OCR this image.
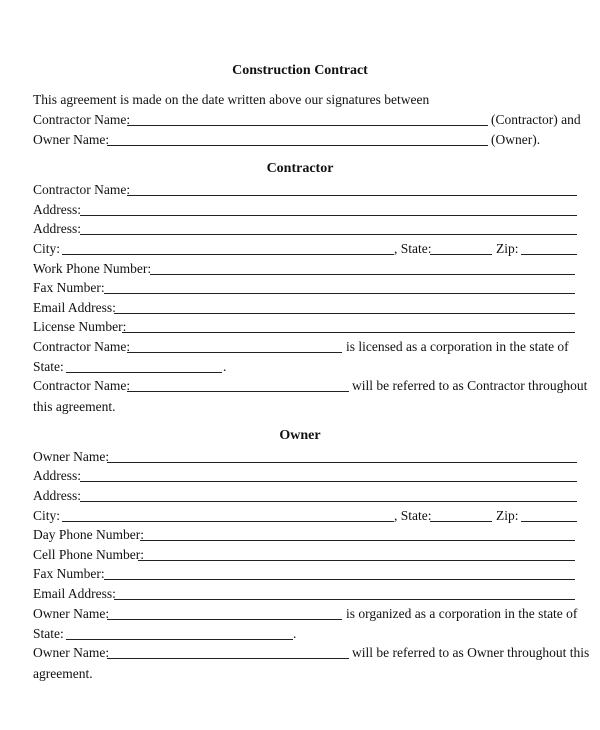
Construction Contract
This agreement is made on the date written above our signatures between
Contractor Name:	(Contractor) and
Owner Name:	(Owner).
Contractor
Contractor Name:
Address:
Address:
City:	, State:	Zip:
Work Phone Number:
Fax Number:
Email Address:
License Number:
Contractor Name:	is licensed as a corporation in the state of
State:	.
Contractor Name:	will be referred to as Contractor throughout
this agreement.
Owner
Owner Name:
Address:
Address:
City:	, State:	Zip:
Day Phone Number:
Cell Phone Number:
Fax Number:
Email Address:
Owner Name:	is organized as a corporation in the state of
State:	.
Owner Name:	will be referred to as Owner throughout this
agreement.
